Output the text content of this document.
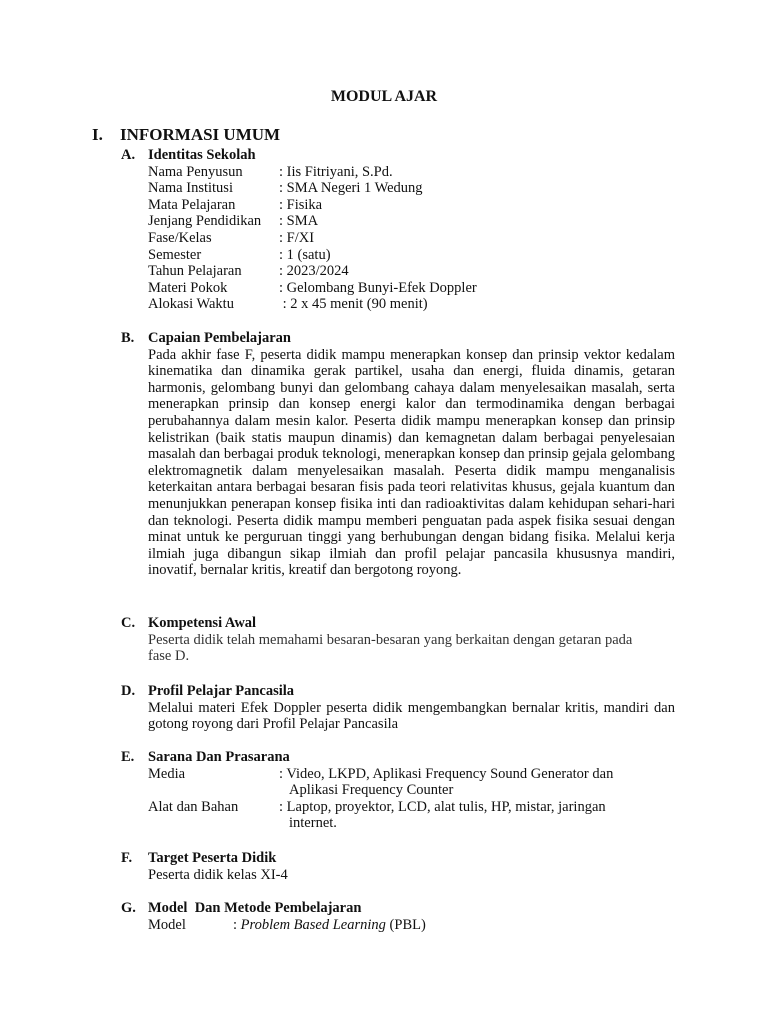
MODUL AJAR
I. INFORMASI UMUM
A. Identitas Sekolah
Nama Penyusun	: Iis Fitriyani, S.Pd.
Nama Institusi	: SMA Negeri 1 Wedung
Mata Pelajaran	: Fisika
Jenjang Pendidikan	: SMA
Fase/Kelas	: F/XI
Semester	: 1 (satu)
Tahun Pelajaran	: 2023/2024
Materi Pokok	: Gelombang Bunyi-Efek Doppler
Alokasi Waktu	: 2 x 45 menit (90 menit)
B. Capaian Pembelajaran
Pada akhir fase F, peserta didik mampu menerapkan konsep dan prinsip vektor kedalam kinematika dan dinamika gerak partikel, usaha dan energi, fluida dinamis, getaran harmonis, gelombang bunyi dan gelombang cahaya dalam menyelesaikan masalah, serta menerapkan prinsip dan konsep energi kalor dan termodinamika dengan berbagai perubahannya dalam mesin kalor. Peserta didik mampu menerapkan konsep dan prinsip kelistrikan (baik statis maupun dinamis) dan kemagnetan dalam berbagai penyelesaian masalah dan berbagai produk teknologi, menerapkan konsep dan prinsip gejala gelombang elektromagnetik dalam menyelesaikan masalah. Peserta didik mampu menganalisis keterkaitan antara berbagai besaran fisis pada teori relativitas khusus, gejala kuantum dan menunjukkan penerapan konsep fisika inti dan radioaktivitas dalam kehidupan sehari-hari dan teknologi. Peserta didik mampu memberi penguatan pada aspek fisika sesuai dengan minat untuk ke perguruan tinggi yang berhubungan dengan bidang fisika. Melalui kerja ilmiah juga dibangun sikap ilmiah dan profil pelajar pancasila khususnya mandiri, inovatif, bernalar kritis, kreatif dan bergotong royong.
C. Kompetensi Awal
Peserta didik telah memahami besaran-besaran yang berkaitan dengan getaran pada
fase D.
D. Profil Pelajar Pancasila
Melalui materi Efek Doppler peserta didik mengembangkan bernalar kritis, mandiri dan gotong royong dari Profil Pelajar Pancasila
E. Sarana Dan Prasarana
Media	: Video, LKPD, Aplikasi Frequency Sound Generator dan
Aplikasi Frequency Counter
Alat dan Bahan	: Laptop, proyektor, LCD, alat tulis, HP, mistar, jaringan
internet.
F. Target Peserta Didik
Peserta didik kelas XI-4
G. Model  Dan Metode Pembelajaran
Model	: Problem Based Learning (PBL)
